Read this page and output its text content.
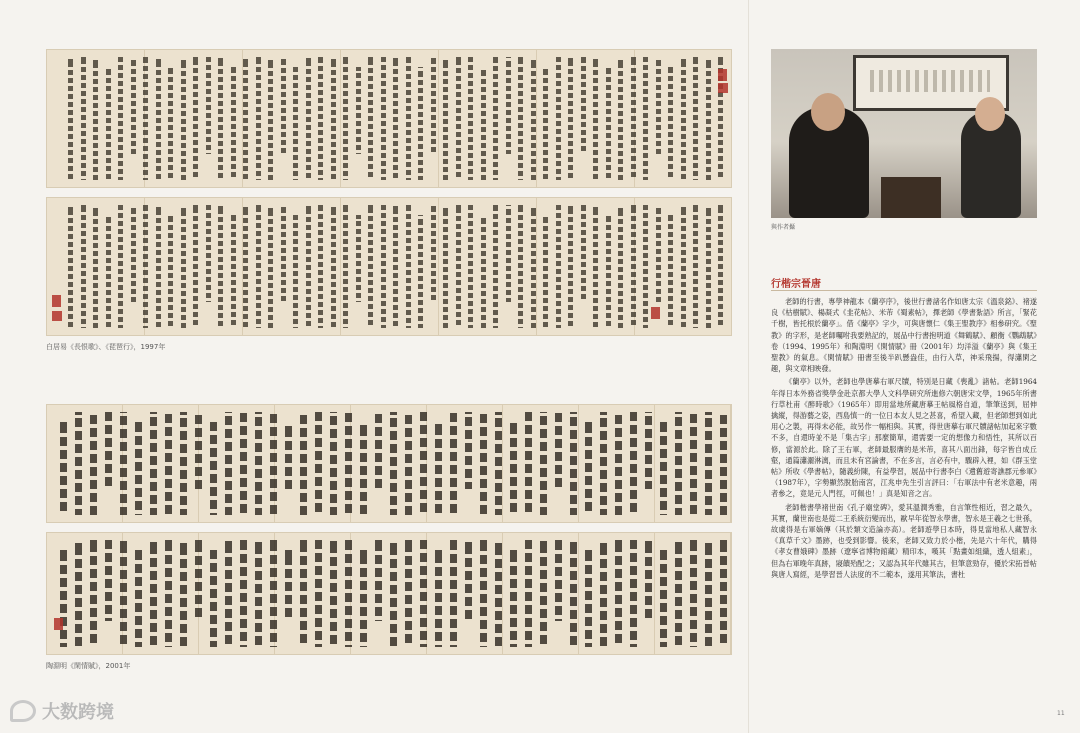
白居易《長恨歌》、《琵琶行》，1997年
陶淵明《閑情賦》，2001年
與作者攝
行楷宗晉唐

老師的行書，專學神龍本《蘭亭序》，後世行書諸名作如唐太宗《溫泉銘》、褚遂良《枯樹賦》、楊凝式《韭花帖》、米芾《蜀素帖》，擇老師《學書紮語》所言，「緊花千樹，皆托根於蘭亭」。借《蘭亭》字少，可與唐懷仁《集王聖教序》相參研究。《聖教》的字形，是老師囑咐我要熟記的，展品中行書抱明道《舞鶴賦》、顧衡《鸚鵡賦》卷（1994、1995年）和陶淵明《閑情賦》冊（2001年）均洋溢《蘭亭》與《集王聖教》的氣息。《閑情賦》冊書至後半趴懸盎佳，由行入草，神采飛揚，得瀟閑之趣，與文章相映發。

《蘭亭》以外，老師也學唐摹右軍尺牘，特別是日藏《喪亂》諸帖。老師1964年得日本外務省獎學金赴京都大學人文科學研究所進修六朝唐宋文學，1965年所書行草杜甫《醉時歌》（1965年）即用當地所藏唐摹王帖風格自道，筆筆送到，屈伸擒縱，得游藝之姿，西島慎一的一位日本友人見之甚喜，希望入藏，但老師想到如此用心之製，再得未必能，故另作一幅相與。其實，得世唐摹右軍尺牘諸帖加起來字數不多，自還時並不是「集古字」那麼簡單，還需要一定的想像力和悟性，其所以百修，當源於此。除了王右軍，老師最服膺的是米芾，喜其八面出鋒，每字皆自成丘壑，通篇瀟灑淋漓，而且未有宮論書，不在多言，言必有中，驟辟入裡，如《群玉堂帖》所收《學書帖》，隨義紛陳，有益學習，展品中行書李白《遺舊遊寄譙郡元參軍》（1987年），字勢顯然脫胎南宮，江兆申先生引言評曰：「右軍法中有老米意趣，兩者參之，竟是元人門徑，可佩也！」真是知音之言。

老師楷書學褚世南《孔子廟堂碑》，愛其溫潤秀雅，自言筆性相近，習之最久，其實，蘭世南也是從二王系統衍變而出，歐早年從智永學書，智永是王羲之七世孫，故虞得是右軍嫡傳（其於類文造論亦高）。老師遊學日本時，得見當地私人藏智永《真草千文》墨跡，也受到影響。後來，老師又致力於小楷，先是六十年代，購得《孝女曹娥碑》墨跡（遼寧省博物館藏）精印本，嘆其「點畫如組織，透人組素」，但為右軍晚年真跡，寢饋殆配之；又認為其年代雖其古，但筆意勁存，優於宋拓晉帖與唐人寫經，是學習晉人法度的不二範本，遂用其筆法，書杜

11
大数跨境
